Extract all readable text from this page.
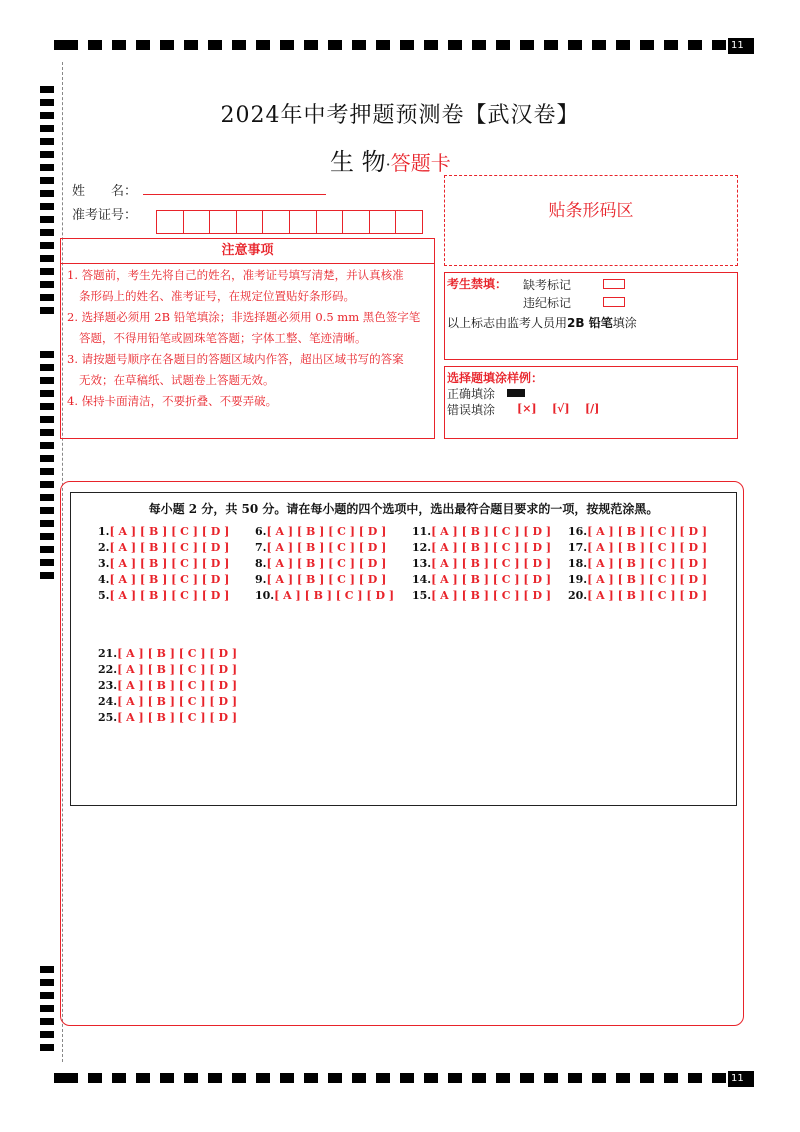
11
11
2024年中考押题预测卷【武汉卷】
生 物·答题卡
姓　　名：
准考证号：	贴条形码区
注意事项
1. 答题前，考生先将自己的姓名，准考证号填写清楚，并认真核准
条形码上的姓名、准考证号，在规定位置贴好条形码。
2. 选择题必须用 2B 铅笔填涂；非选择题必须用 0.5 mm 黑色签字笔
答题，不得用铅笔或圆珠笔答题；字体工整、笔迹清晰。
3. 请按题号顺序在各题目的答题区域内作答，超出区域书写的答案
无效；在草稿纸、试题卷上答题无效。
4. 保持卡面清洁，不要折叠、不要弄破。
考生禁填： 缺考标记
违纪标记
以上标志由监考人员用2B 铅笔填涂
选择题填涂样例：
正确填涂
错误填涂 [×] [√] [/]
每小题 2 分，共 50 分。请在每小题的四个选项中，选出最符合题目要求的一项，按规范涂黑。
1.[ A ] [ B ] [ C ] [ D ]
2.[ A ] [ B ] [ C ] [ D ]
3.[ A ] [ B ] [ C ] [ D ]
4.[ A ] [ B ] [ C ] [ D ]
5.[ A ] [ B ] [ C ] [ D ]
6.[ A ] [ B ] [ C ] [ D ]
7.[ A ] [ B ] [ C ] [ D ]
8.[ A ] [ B ] [ C ] [ D ]
9.[ A ] [ B ] [ C ] [ D ]
10.[ A ] [ B ] [ C ] [ D ]
11.[ A ] [ B ] [ C ] [ D ]
12.[ A ] [ B ] [ C ] [ D ]
13.[ A ] [ B ] [ C ] [ D ]
14.[ A ] [ B ] [ C ] [ D ]
15.[ A ] [ B ] [ C ] [ D ]
16.[ A ] [ B ] [ C ] [ D ]
17.[ A ] [ B ] [ C ] [ D ]
18.[ A ] [ B ] [ C ] [ D ]
19.[ A ] [ B ] [ C ] [ D ]
20.[ A ] [ B ] [ C ] [ D ]
21.[ A ] [ B ] [ C ] [ D ]
22.[ A ] [ B ] [ C ] [ D ]
23.[ A ] [ B ] [ C ] [ D ]
24.[ A ] [ B ] [ C ] [ D ]
25.[ A ] [ B ] [ C ] [ D ]
